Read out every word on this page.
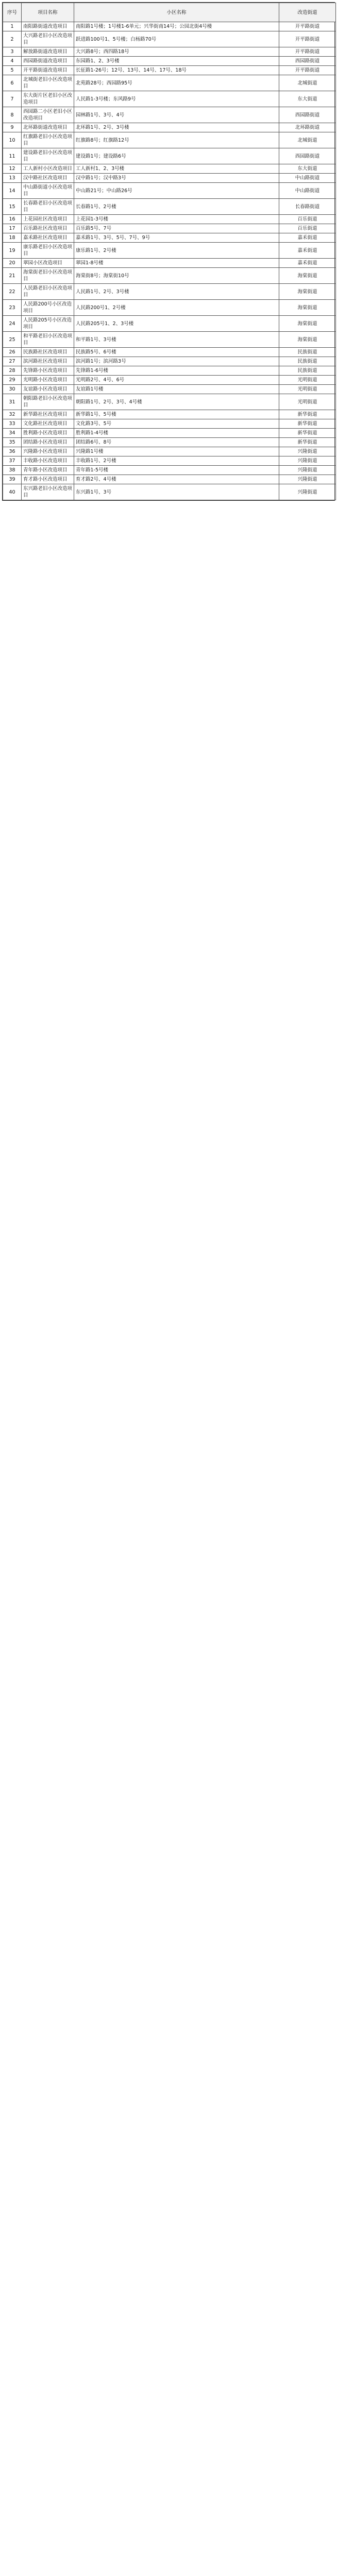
序号	项目名称	小区名称	改造街道
1	南阳路街道改造项目	南阳路1号楼；1号楼1-6单元；兴华街南14号；公园北街4号楼	开平路街道
2	大兴路老旧小区改造项目	跃进路100号1、5号楼；白杨路70号	开平路街道
3	解放路街道改造项目	大兴路8号；西四路18号	开平路街道
4	西园路街道改造项目	东园路1、2、3号楼	西园路街道
5	开平路街道改造项目	长征路1-26号；12号、13号、14号、17号、18号	开平路街道
6	北城街老旧小区改造项目	北苑路28号；西园路95号	北城街道
7	东大街片区老旧小区改造项目	人民路1-3号楼；东风路9号	东大街道
8	西园路二小区老旧小区改造项目	园林路1号、3号、4号	西园路街道
9	北环路街道改造项目	北环路1号、2号、3号楼	北环路街道
10	红旗路老旧小区改造项目	红旗路8号；红旗路12号	北城街道
11	建设路老旧小区改造项目	建设路1号；建设路6号	西园路街道
12	工人新村小区改造项目	工人新村1、2、3号楼	东大街道
13	汉中路社区改造项目	汉中路1号；汉中路3号	中山路街道
14	中山路街道小区改造项目	中山路21号；中山路26号	中山路街道
15	长春路老旧小区改造项目	长春路1号、2号楼	长春路街道
16	上花园社区改造项目	上花园1-3号楼	百乐街道
17	百乐路社区改造项目	百乐路5号、7号	百乐街道
18	嘉禾路社区改造项目	嘉禾路1号、3号、5号、7号、9号	嘉禾街道
19	康乐路老旧小区改造项目	康乐路1号、2号楼	嘉禾街道
20	翠园小区改造项目	翠园1-8号楼	嘉禾街道
21	海棠街老旧小区改造项目	海棠街8号；海棠街10号	海棠街道
22	人民路老旧小区改造项目	人民路1号、2号、3号楼	海棠街道
23	人民路200号小区改造项目	人民路200号1、2号楼	海棠街道
24	人民路205号小区改造项目	人民路205号1、2、3号楼	海棠街道
25	和平路老旧小区改造项目	和平路1号、3号楼	海棠街道
26	民族路社区改造项目	民族路5号、6号楼	民族街道
27	滨河路社区改造项目	滨河路1号；滨河路3号	民族街道
28	先锋路小区改造项目	先锋路1-6号楼	民族街道
29	光明路小区改造项目	光明路2号、4号、6号	光明街道
30	友谊路小区改造项目	友谊路1号楼	光明街道
31	朝阳路老旧小区改造项目	朝阳路1号、2号、3号、4号楼	光明街道
32	新华路社区改造项目	新华路1号、5号楼	新华街道
33	文化路社区改造项目	文化路3号、5号	新华街道
34	胜利路小区改造项目	胜利路1-4号楼	新华街道
35	团结路小区改造项目	团结路6号、8号	新华街道
36	兴隆路小区改造项目	兴隆路1号楼	兴隆街道
37	丰收路小区改造项目	丰收路1号、2号楼	兴隆街道
38	青年路小区改造项目	青年路1-5号楼	兴隆街道
39	育才路小区改造项目	育才路2号、4号楼	兴隆街道
40	东兴路老旧小区改造项目	东兴路1号、3号	兴隆街道
